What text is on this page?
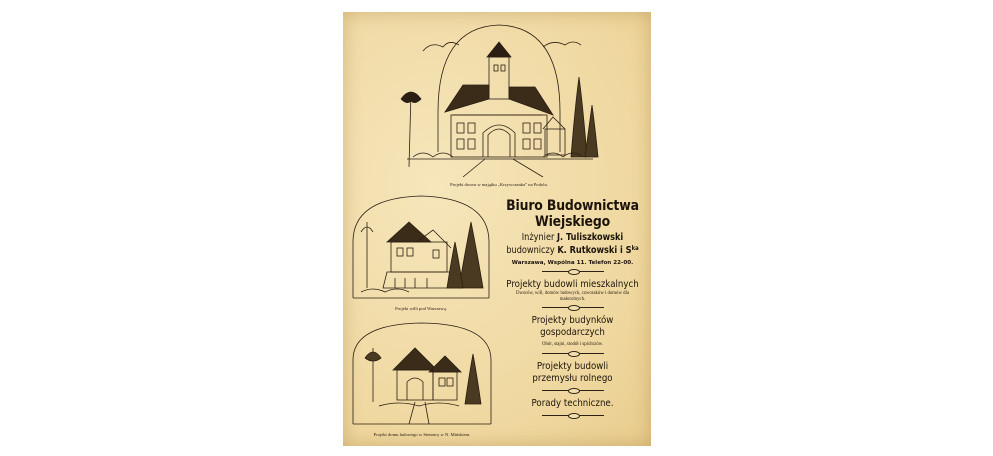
Projekt dworu w majątku „Krzywczanka” na Podolu.
Projekt willi pod Warszawą.
Projekt domu ludowego w Siennicy w N. Mińskiem.
Biuro Budownictwa
Wiejskiego
Inżynier J. Tuliszkowski
budowniczy K. Rutkowski i $S^{ka}$
Warszawa, Wspólna 11. Telefon 22-00.
Projekty budowli mieszkalnych
Dworów, will, domów ludowych, czworaków i domów dla małorolnych.
Projekty budynków
gospodarczych
Obór, stajni, stodół i spichrzów.
Projekty budowli
przemysłu rolnego
Porady techniczne.
